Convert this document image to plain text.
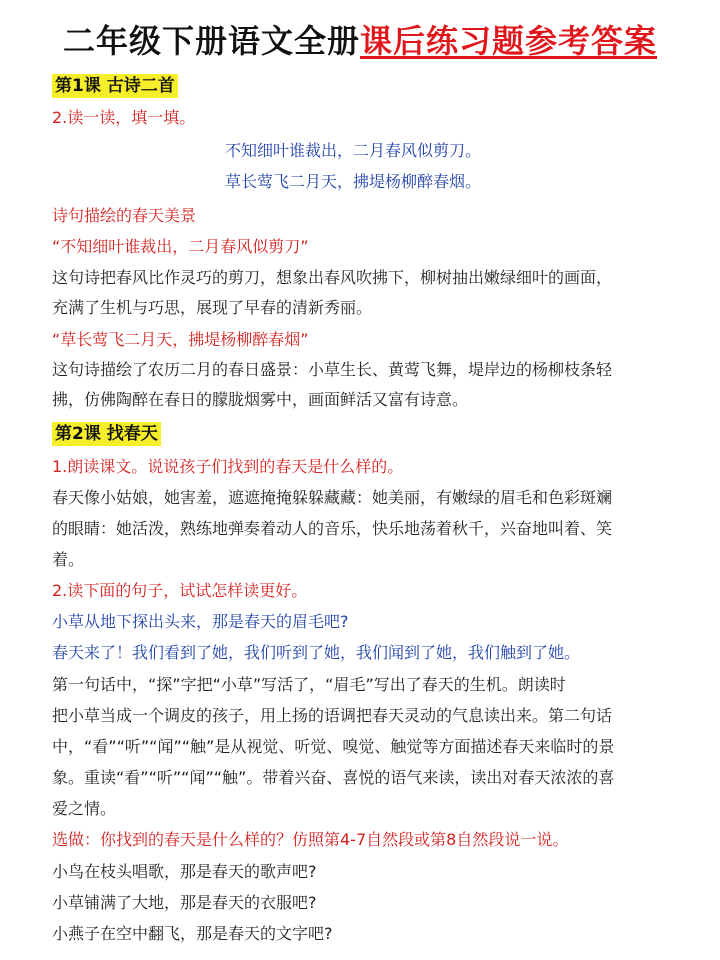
二年级下册语文全册课后练习题参考答案
第1课 古诗二首
2.读一读，填一填。
不知细叶谁裁出，二月春风似剪刀。
草长莺飞二月天，拂堤杨柳醉春烟。
诗句描绘的春天美景
“不知细叶谁裁出，二月春风似剪刀”
这句诗把春风比作灵巧的剪刀，想象出春风吹拂下，柳树抽出嫩绿细叶的画面，
充满了生机与巧思，展现了早春的清新秀丽。
“草长莺飞二月天，拂堤杨柳醉春烟”
这句诗描绘了农历二月的春日盛景：小草生长、黄莺飞舞，堤岸边的杨柳枝条轻
拂，仿佛陶醉在春日的朦胧烟雾中，画面鲜活又富有诗意。
第2课 找春天
1.朗读课文。说说孩子们找到的春天是什么样的。
春天像小姑娘，她害羞，遮遮掩掩躲躲藏藏：她美丽，有嫩绿的眉毛和色彩斑斓
的眼睛：她活泼，熟练地弹奏着动人的音乐，快乐地荡着秋千，兴奋地叫着、笑
着。
2.读下面的句子，试试怎样读更好。
小草从地下探出头来，那是春天的眉毛吧?
春天来了！我们看到了她，我们听到了她，我们闻到了她，我们触到了她。
第一句话中，“探”字把“小草”写活了，“眉毛”写出了春天的生机。朗读时
把小草当成一个调皮的孩子，用上扬的语调把春天灵动的气息读出来。第二句话
中，“看”“听”“闻”“触”是从视觉、听觉、嗅觉、触觉等方面描述春天来临时的景
象。重读“看”“听”“闻”“触”。带着兴奋、喜悦的语气来读，读出对春天浓浓的喜
爱之情。
选做：你找到的春天是什么样的？仿照第4-7自然段或第8自然段说一说。
小鸟在枝头唱歌，那是春天的歌声吧?
小草铺满了大地，那是春天的衣服吧?
小燕子在空中翻飞，那是春天的文字吧?
